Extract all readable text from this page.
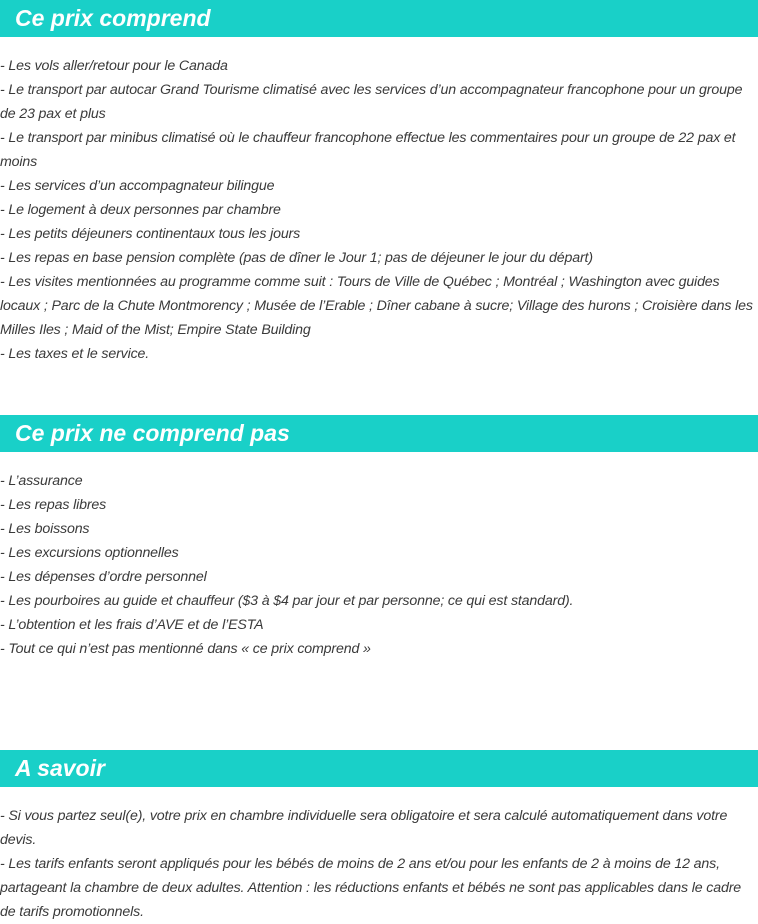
Ce prix comprend
- Les vols aller/retour pour le Canada
- Le transport par autocar Grand Tourisme climatisé avec les services d’un accompagnateur francophone pour un groupe de 23 pax et plus
- Le transport par minibus climatisé où le chauffeur francophone effectue les commentaires pour un groupe de 22 pax et moins
- Les services d’un accompagnateur bilingue
- Le logement à deux personnes par chambre
- Les petits déjeuners continentaux tous les jours
- Les repas en base pension complète (pas de dîner le Jour 1; pas de déjeuner le jour du départ)
- Les visites mentionnées au programme comme suit : Tours de Ville de Québec ; Montréal ; Washington avec guides locaux ; Parc de la Chute Montmorency ; Musée de l’Erable ; Dîner cabane à sucre; Village des hurons ; Croisière dans les Milles Iles ; Maid of the Mist; Empire State Building
- Les taxes et le service.
Ce prix ne comprend pas
- L’assurance
- Les repas libres
- Les boissons
- Les excursions optionnelles
- Les dépenses d’ordre personnel
- Les pourboires au guide et chauffeur ($3 à $4 par jour et par personne; ce qui est standard).
- L’obtention et les frais d’AVE et de l’ESTA
- Tout ce qui n’est pas mentionné dans « ce prix comprend »
A savoir
- Si vous partez seul(e), votre prix en chambre individuelle sera obligatoire et sera calculé automatiquement dans votre devis.
- Les tarifs enfants seront appliqués pour les bébés de moins de 2 ans et/ou pour les enfants de 2 à moins de 12 ans, partageant la chambre de deux adultes. Attention : les réductions enfants et bébés ne sont pas applicables dans le cadre de tarifs promotionnels.
